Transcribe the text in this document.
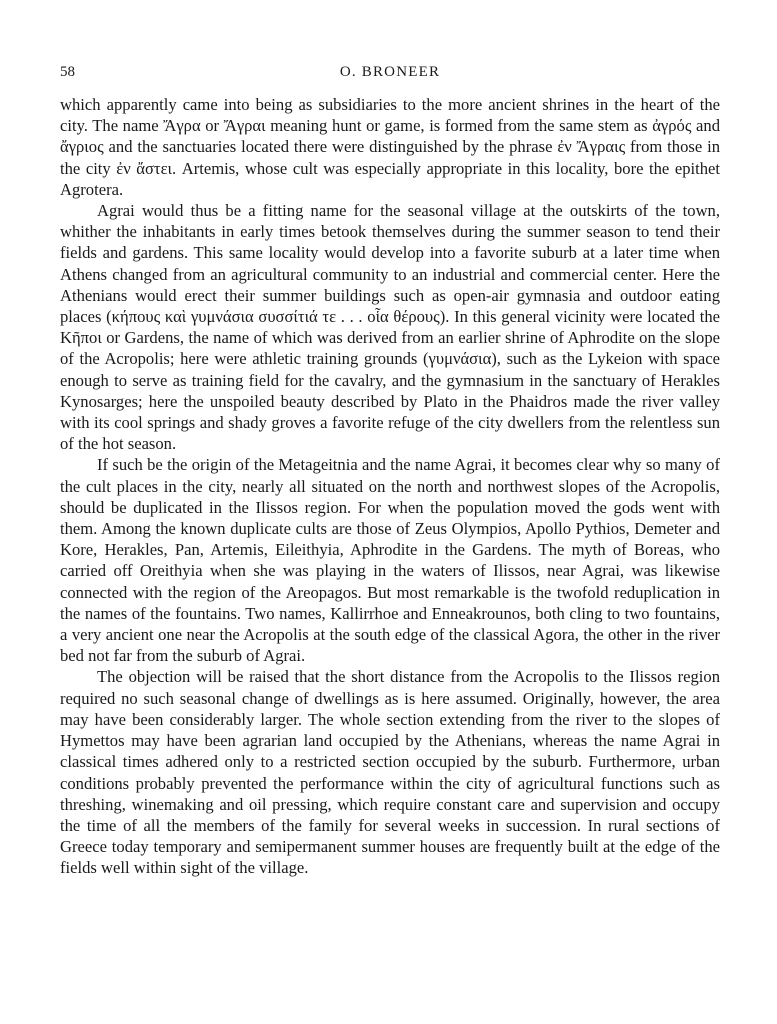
58	O. BRONEER

which apparently came into being as subsidiaries to the more ancient shrines in the heart of the city. The name Ἄγρα or Ἄγραι meaning hunt or game, is formed from the same stem as ἀγρός and ἄγριος and the sanctuaries located there were distinguished by the phrase ἐν Ἄγραις from those in the city ἐν ἄστει. Artemis, whose cult was especially appropriate in this locality, bore the epithet Agrotera.

Agrai would thus be a fitting name for the seasonal village at the outskirts of the town, whither the inhabitants in early times betook themselves during the summer season to tend their fields and gardens. This same locality would develop into a favorite suburb at a later time when Athens changed from an agricultural community to an industrial and commercial center. Here the Athenians would erect their summer buildings such as open-air gymnasia and outdoor eating places (κήπους καὶ γυμνάσια συσσίτιά τε . . . οἷα θέρους). In this general vicinity were located the Κῆποι or Gardens, the name of which was derived from an earlier shrine of Aphrodite on the slope of the Acropolis; here were athletic training grounds (γυμνάσια), such as the Lykeion with space enough to serve as training field for the cavalry, and the gymnasium in the sanctuary of Herakles Kynosarges; here the unspoiled beauty described by Plato in the Phaidros made the river valley with its cool springs and shady groves a favorite refuge of the city dwellers from the relentless sun of the hot season.

If such be the origin of the Metageitnia and the name Agrai, it becomes clear why so many of the cult places in the city, nearly all situated on the north and northwest slopes of the Acropolis, should be duplicated in the Ilissos region. For when the population moved the gods went with them. Among the known duplicate cults are those of Zeus Olympios, Apollo Pythios, Demeter and Kore, Herakles, Pan, Artemis, Eileithyia, Aphrodite in the Gardens. The myth of Boreas, who carried off Oreithyia when she was playing in the waters of Ilissos, near Agrai, was likewise connected with the region of the Areopagos. But most remarkable is the twofold reduplication in the names of the fountains. Two names, Kallirrhoe and Enneakrounos, both cling to two fountains, a very ancient one near the Acropolis at the south edge of the classical Agora, the other in the river bed not far from the suburb of Agrai.

The objection will be raised that the short distance from the Acropolis to the Ilissos region required no such seasonal change of dwellings as is here assumed. Originally, however, the area may have been considerably larger. The whole section extending from the river to the slopes of Hymettos may have been agrarian land occupied by the Athenians, whereas the name Agrai in classical times adhered only to a restricted section occupied by the suburb. Furthermore, urban conditions probably prevented the performance within the city of agricultural functions such as threshing, winemaking and oil pressing, which require constant care and supervision and occupy the time of all the members of the family for several weeks in succession. In rural sections of Greece today temporary and semipermanent summer houses are frequently built at the edge of the fields well within sight of the village.
